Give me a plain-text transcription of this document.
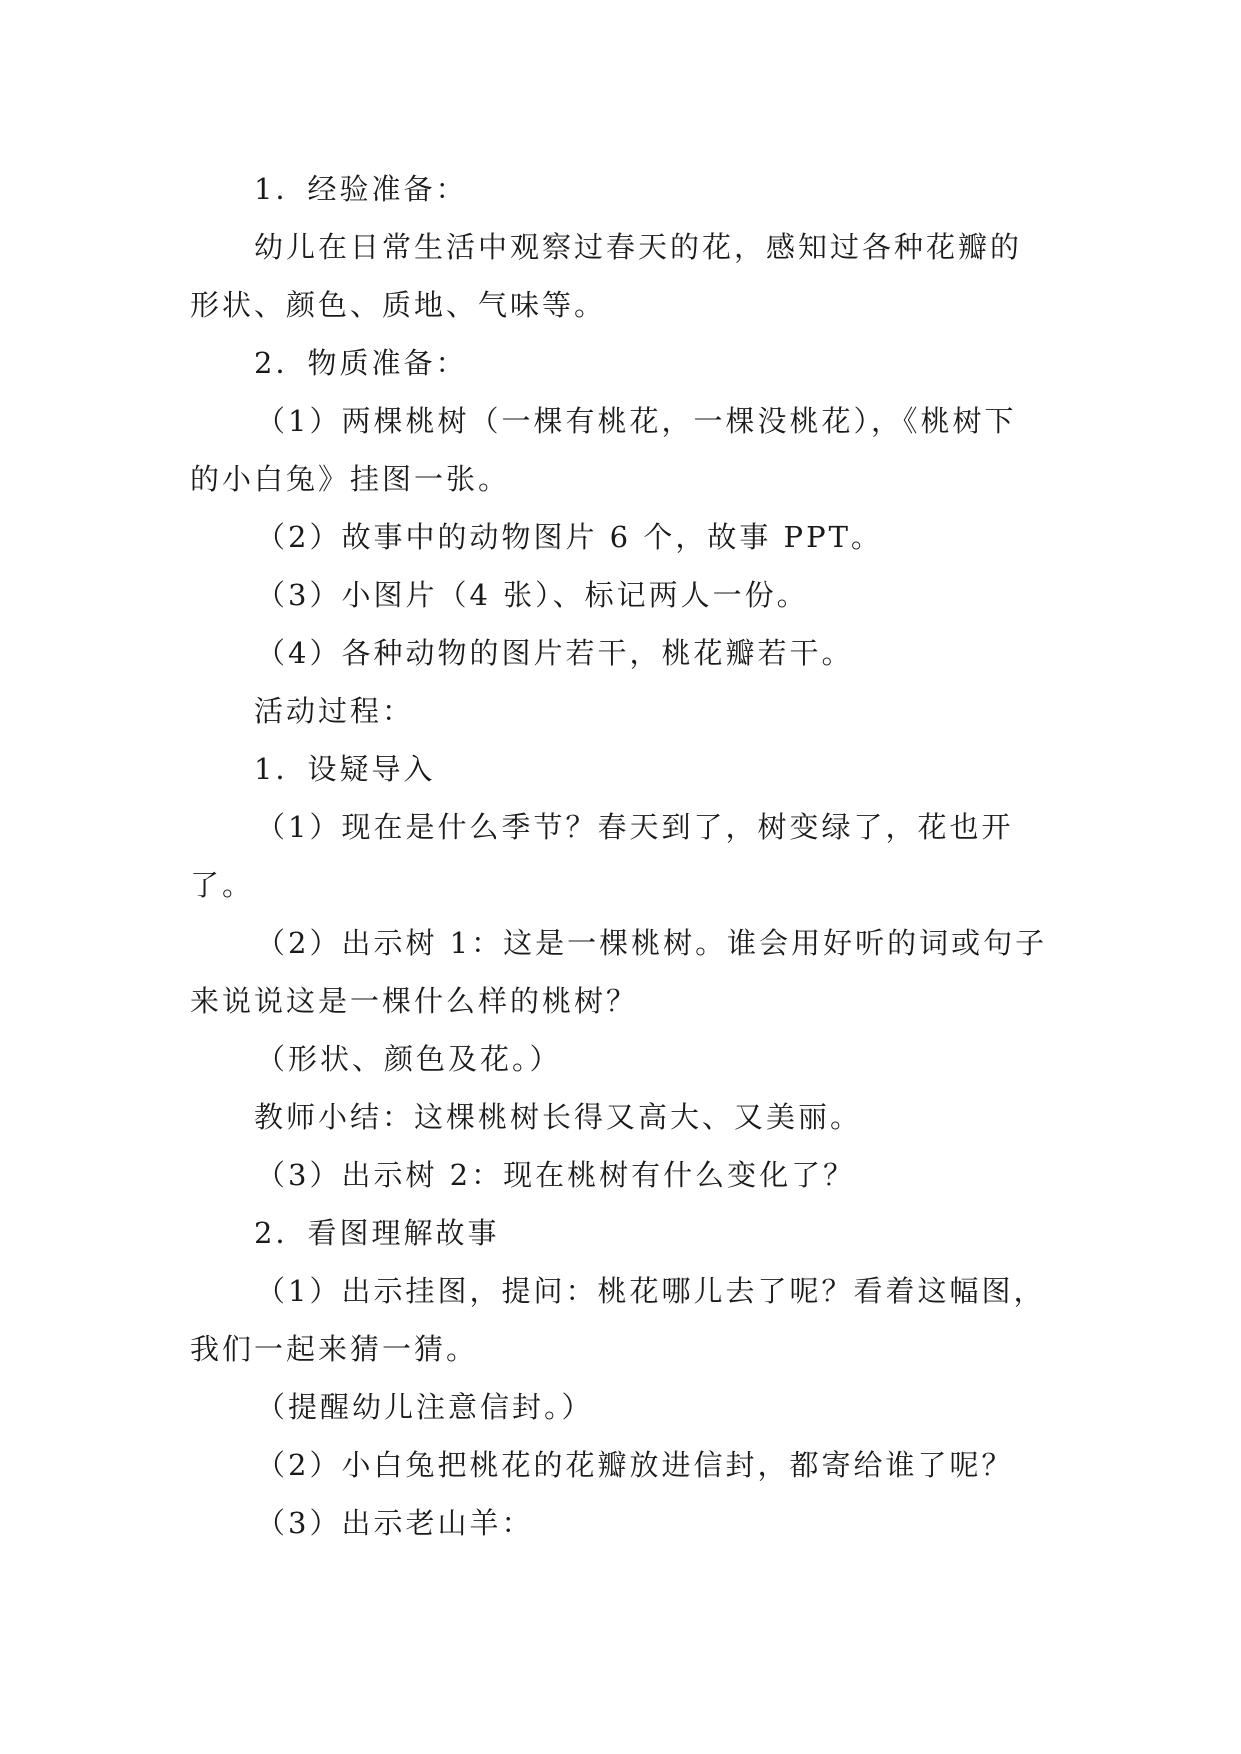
1．经验准备：

幼儿在日常生活中观察过春天的花，感知过各种花瓣的

形状、颜色、质地、气味等。

2．物质准备：

（1）两棵桃树（一棵有桃花，一棵没桃花），《桃树下

的小白兔》挂图一张。

（2）故事中的动物图片 6 个，故事 PPT。

（3）小图片（4 张）、标记两人一份。

（4）各种动物的图片若干，桃花瓣若干。

活动过程：

1．设疑导入

（1）现在是什么季节？春天到了，树变绿了，花也开

了。

（2）出示树 1：这是一棵桃树。谁会用好听的词或句子

来说说这是一棵什么样的桃树？

（形状、颜色及花。）

教师小结：这棵桃树长得又高大、又美丽。

（3）出示树 2：现在桃树有什么变化了？

2．看图理解故事

（1）出示挂图，提问：桃花哪儿去了呢？看着这幅图，

我们一起来猜一猜。

（提醒幼儿注意信封。）

（2）小白兔把桃花的花瓣放进信封，都寄给谁了呢？

（3）出示老山羊：
